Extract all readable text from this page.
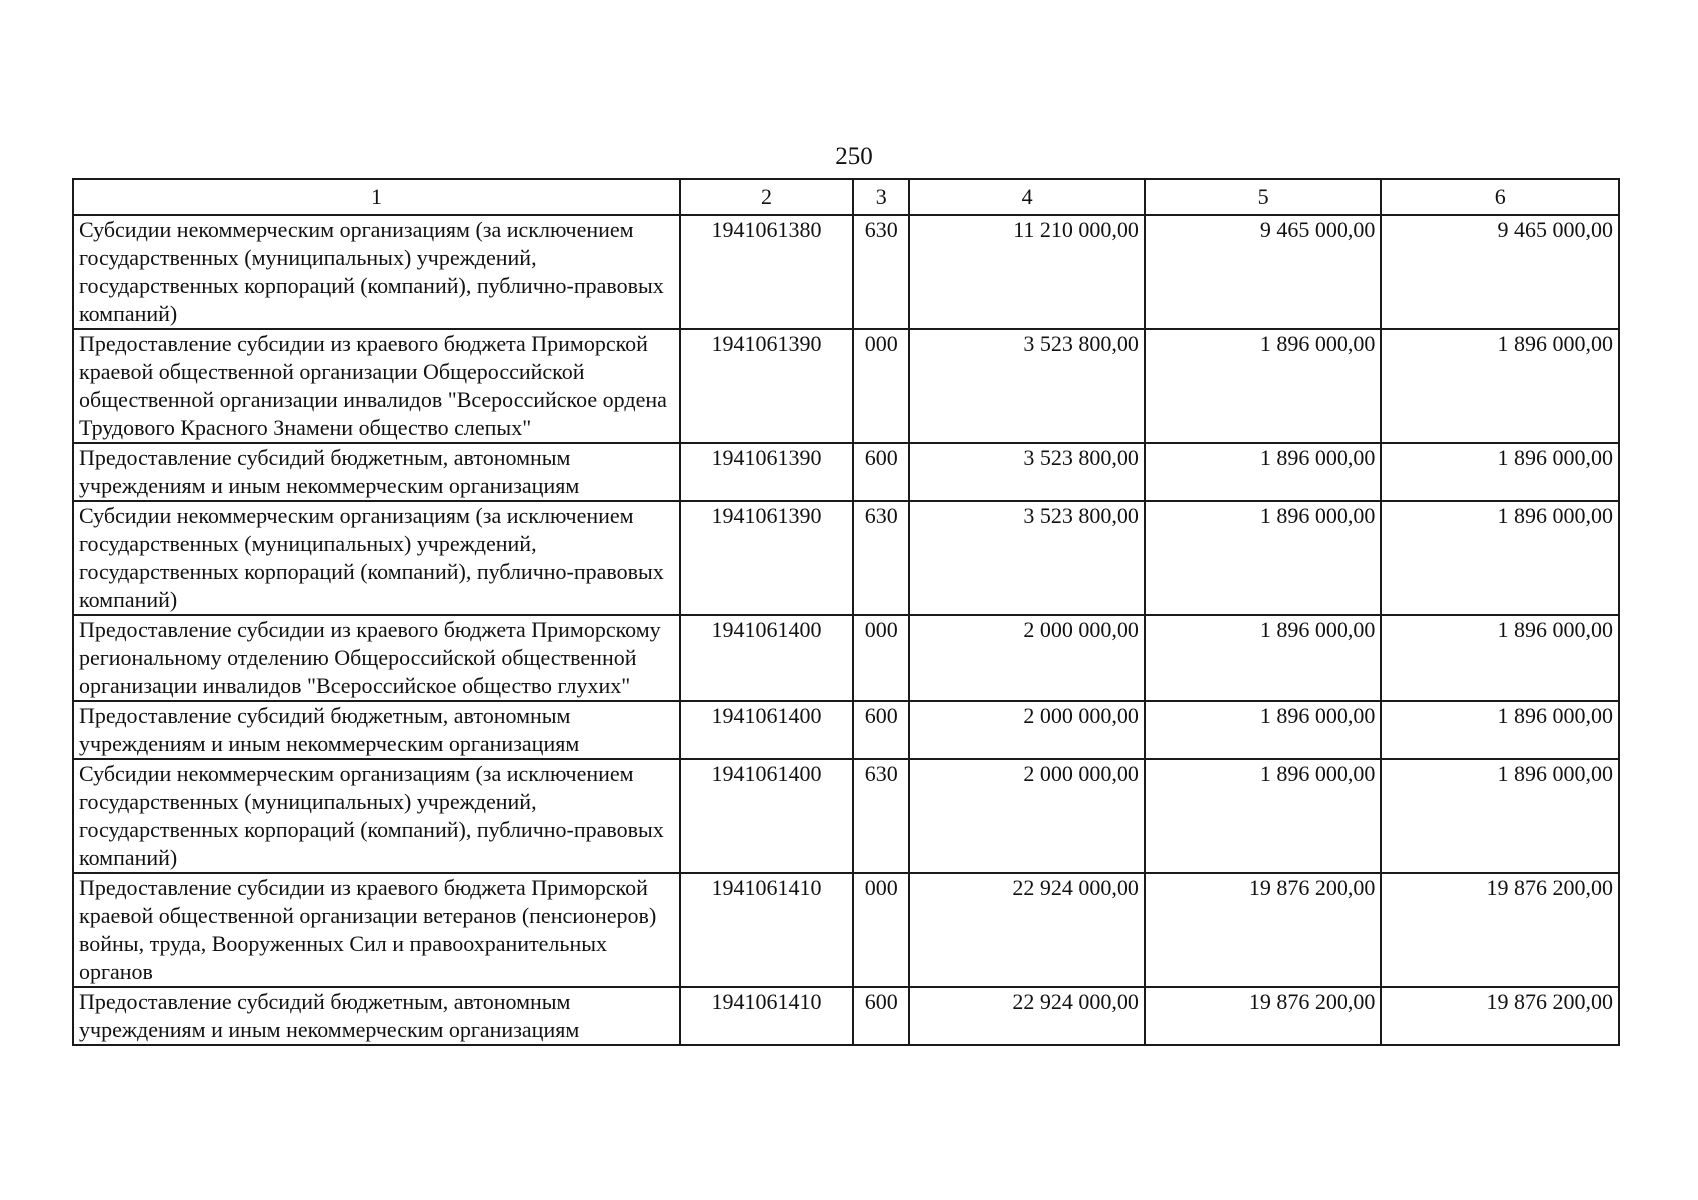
250
1	2	3	4	5	6
Субсидии некоммерческим организациям (за исключением государственных (муниципальных) учреждений, государственных корпораций (компаний), публично-правовых компаний)	1941061380	630	11 210 000,00	9 465 000,00	9 465 000,00
Предоставление субсидии из краевого бюджета Приморской краевой общественной организации Общероссийской общественной организации инвалидов "Всероссийское ордена Трудового Красного Знамени общество слепых"	1941061390	000	3 523 800,00	1 896 000,00	1 896 000,00
Предоставление субсидий бюджетным, автономным учреждениям и иным некоммерческим организациям	1941061390	600	3 523 800,00	1 896 000,00	1 896 000,00
Субсидии некоммерческим организациям (за исключением государственных (муниципальных) учреждений, государственных корпораций (компаний), публично-правовых компаний)	1941061390	630	3 523 800,00	1 896 000,00	1 896 000,00
Предоставление субсидии из краевого бюджета Приморскому региональному отделению Общероссийской общественной организации инвалидов "Всероссийское общество глухих"	1941061400	000	2 000 000,00	1 896 000,00	1 896 000,00
Предоставление субсидий бюджетным, автономным учреждениям и иным некоммерческим организациям	1941061400	600	2 000 000,00	1 896 000,00	1 896 000,00
Субсидии некоммерческим организациям (за исключением государственных (муниципальных) учреждений, государственных корпораций (компаний), публично-правовых компаний)	1941061400	630	2 000 000,00	1 896 000,00	1 896 000,00
Предоставление субсидии из краевого бюджета Приморской краевой общественной организации ветеранов (пенсионеров) войны, труда, Вооруженных Сил и правоохранительных органов	1941061410	000	22 924 000,00	19 876 200,00	19 876 200,00
Предоставление субсидий бюджетным, автономным учреждениям и иным некоммерческим организациям	1941061410	600	22 924 000,00	19 876 200,00	19 876 200,00
